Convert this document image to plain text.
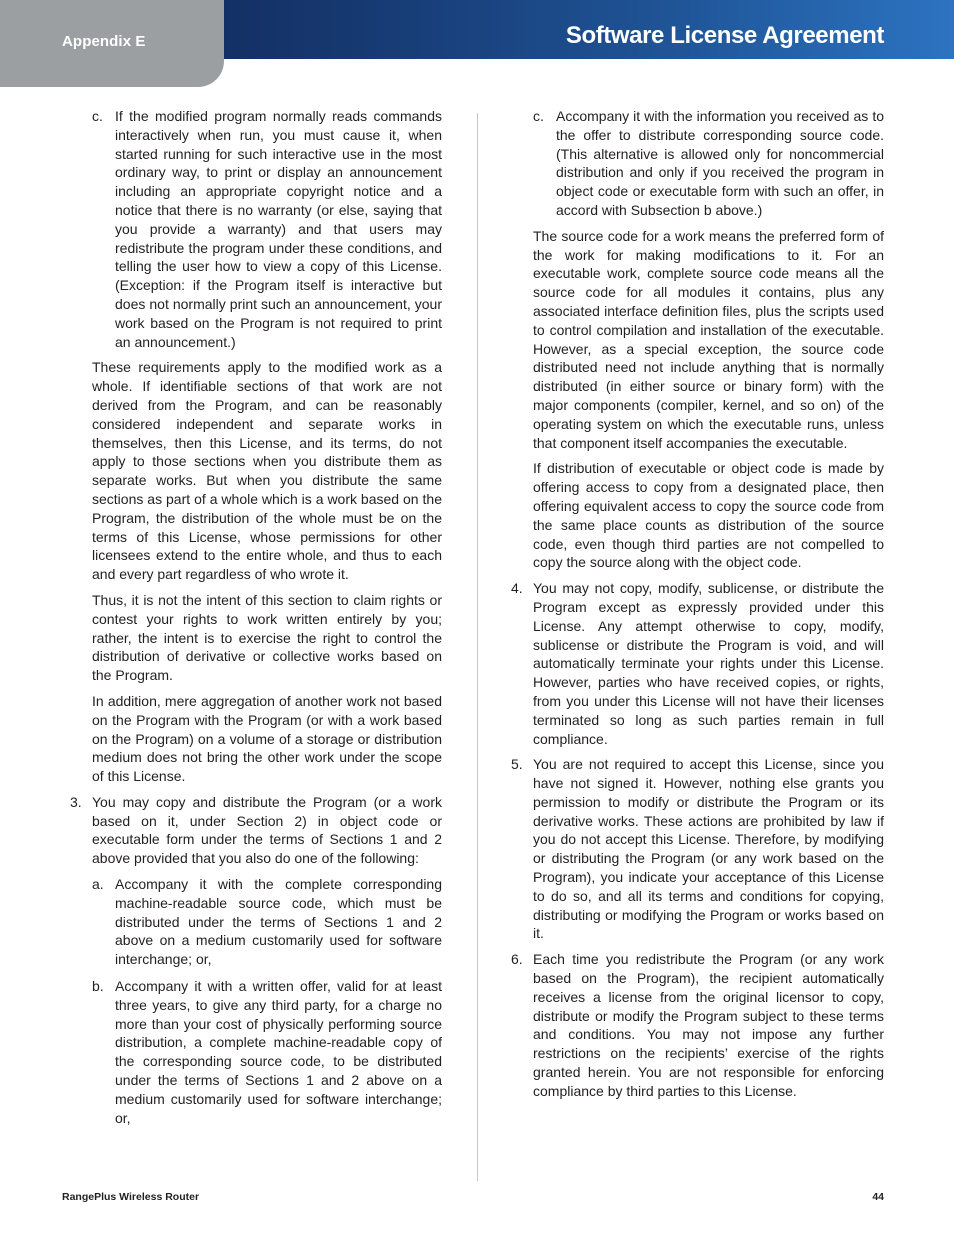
Appendix E	Software License Agreement
c. If the modified program normally reads commands interactively when run, you must cause it, when started running for such interactive use in the most ordinary way, to print or display an announcement including an appropriate copyright notice and a notice that there is no warranty (or else, saying that you provide a warranty) and that users may redistribute the program under these conditions, and telling the user how to view a copy of this License. (Exception: if the Program itself is interactive but does not normally print such an announcement, your work based on the Program is not required to print an announcement.)

These requirements apply to the modified work as a whole. If identifiable sections of that work are not derived from the Program, and can be reasonably considered independent and separate works in themselves, then this License, and its terms, do not apply to those sections when you distribute them as separate works. But when you distribute the same sections as part of a whole which is a work based on the Program, the distribution of the whole must be on the terms of this License, whose permissions for other licensees extend to the entire whole, and thus to each and every part regardless of who wrote it.

Thus, it is not the intent of this section to claim rights or contest your rights to work written entirely by you; rather, the intent is to exercise the right to control the distribution of derivative or collective works based on the Program.

In addition, mere aggregation of another work not based on the Program with the Program (or with a work based on the Program) on a volume of a storage or distribution medium does not bring the other work under the scope of this License.

3. You may copy and distribute the Program (or a work based on it, under Section 2) in object code or executable form under the terms of Sections 1 and 2 above provided that you also do one of the following:
a. Accompany it with the complete corresponding machine-readable source code, which must be distributed under the terms of Sections 1 and 2 above on a medium customarily used for software interchange; or,
b. Accompany it with a written offer, valid for at least three years, to give any third party, for a charge no more than your cost of physically performing source distribution, a complete machine-readable copy of the corresponding source code, to be distributed under the terms of Sections 1 and 2 above on a medium customarily used for software interchange; or,
c. Accompany it with the information you received as to the offer to distribute corresponding source code. (This alternative is allowed only for noncommercial distribution and only if you received the program in object code or executable form with such an offer, in accord with Subsection b above.)

The source code for a work means the preferred form of the work for making modifications to it. For an executable work, complete source code means all the source code for all modules it contains, plus any associated interface definition files, plus the scripts used to control compilation and installation of the executable. However, as a special exception, the source code distributed need not include anything that is normally distributed (in either source or binary form) with the major components (compiler, kernel, and so on) of the operating system on which the executable runs, unless that component itself accompanies the executable.

If distribution of executable or object code is made by offering access to copy from a designated place, then offering equivalent access to copy the source code from the same place counts as distribution of the source code, even though third parties are not compelled to copy the source along with the object code.

4. You may not copy, modify, sublicense, or distribute the Program except as expressly provided under this License. Any attempt otherwise to copy, modify, sublicense or distribute the Program is void, and will automatically terminate your rights under this License. However, parties who have received copies, or rights, from you under this License will not have their licenses terminated so long as such parties remain in full compliance.
5. You are not required to accept this License, since you have not signed it. However, nothing else grants you permission to modify or distribute the Program or its derivative works. These actions are prohibited by law if you do not accept this License. Therefore, by modifying or distributing the Program (or any work based on the Program), you indicate your acceptance of this License to do so, and all its terms and conditions for copying, distributing or modifying the Program or works based on it.
6. Each time you redistribute the Program (or any work based on the Program), the recipient automatically receives a license from the original licensor to copy, distribute or modify the Program subject to these terms and conditions. You may not impose any further restrictions on the recipients’ exercise of the rights granted herein. You are not responsible for enforcing compliance by third parties to this License.
RangePlus Wireless Router	44
